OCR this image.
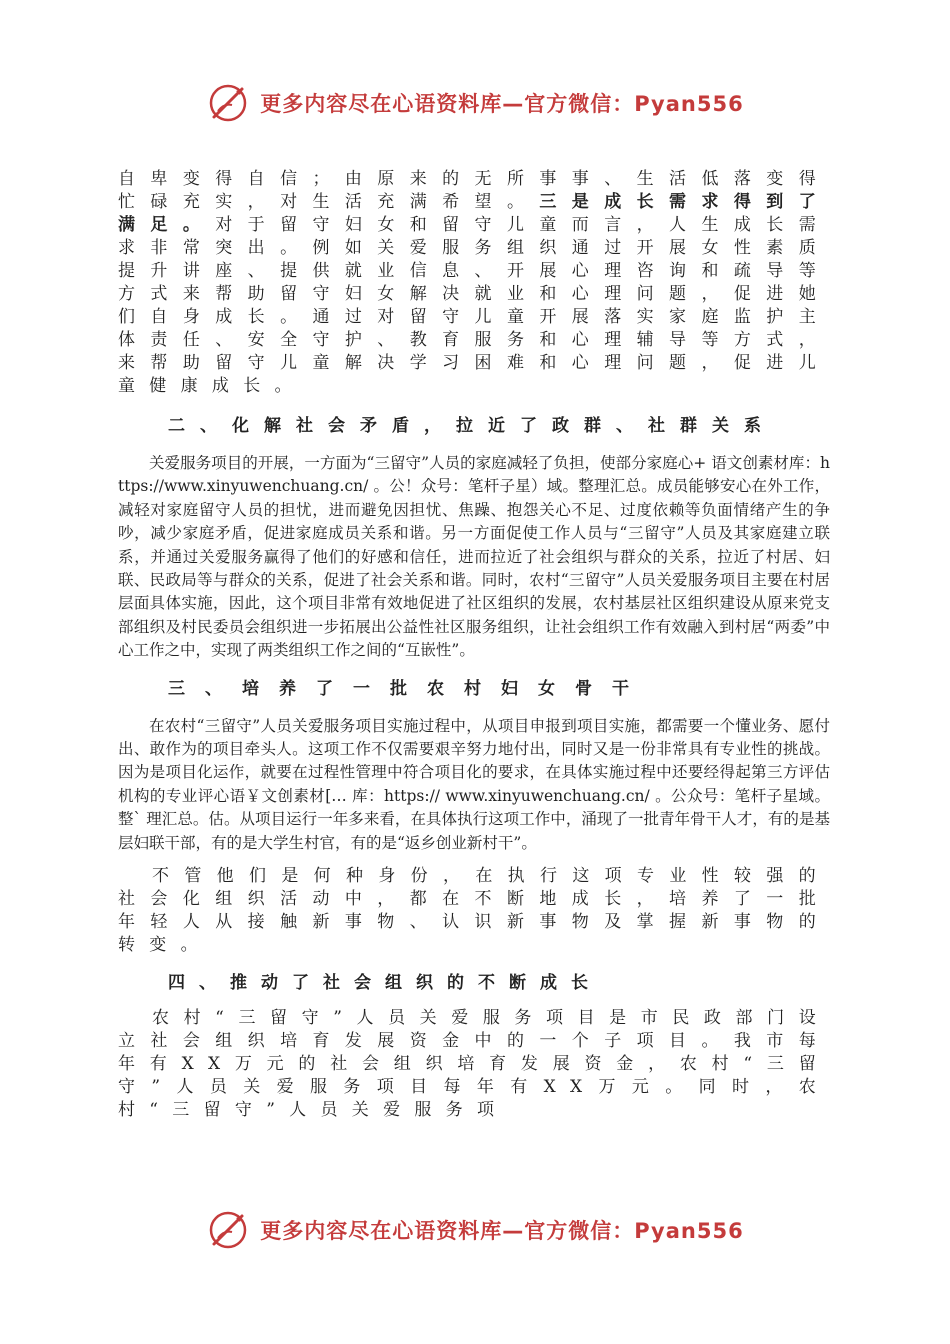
更多内容尽在心语资料库—官方微信：Pyan556

自卑变得自信；由原来的无所事事、生活低落变得忙碌充实，对生活充满希望。三是成长需求得到了满足。对于留守妇女和留守儿童而言，人生成长需求非常突出。例如关爱服务组织通过开展女性素质提升讲座、提供就业信息、开展心理咨询和疏导等方式来帮助留守妇女解决就业和心理问题，促进她们自身成长。通过对留守儿童开展落实家庭监护主体责任、安全守护、教育服务和心理辅导等方式，来帮助留守儿童解决学习困难和心理问题，促进儿童健康成长。

二、化解社会矛盾，拉近了政群、社群关系

关爱服务项目的开展，一方面为“三留守”人员的家庭减轻了负担，使部分家庭心+ 语文创素材库：https://www.xinyuwenchuang.cn/ 。公！众号：笔杆子星）域。整理汇总。成员能够安心在外工作，减轻对家庭留守人员的担忧，进而避免因担忧、焦躁、抱怨关心不足、过度依赖等负面情绪产生的争吵，减少家庭矛盾，促进家庭成员关系和谐。另一方面促使工作人员与“三留守”人员及其家庭建立联系，并通过关爱服务赢得了他们的好感和信任，进而拉近了社会组织与群众的关系，拉近了村居、妇联、民政局等与群众的关系，促进了社会关系和谐。同时，农村“三留守”人员关爱服务项目主要在村居层面具体实施，因此，这个项目非常有效地促进了社区组织的发展，农村基层社区组织建设从原来党支部组织及村民委员会组织进一步拓展出公益性社区服务组织，让社会组织工作有效融入到村居“两委”中心工作之中，实现了两类组织工作之间的“互嵌性”。

三、培养了一批农村妇女骨干

在农村“三留守”人员关爱服务项目实施过程中，从项目申报到项目实施，都需要一个懂业务、愿付出、敢作为的项目牵头人。这项工作不仅需要艰辛努力地付出，同时又是一份非常具有专业性的挑战。因为是项目化运作，就要在过程性管理中符合项目化的要求，在具体实施过程中还要经得起第三方评估机构的专业评心语￥文创素材[… 库：https:// www.xinyuwenchuang.cn/ 。公众号：笔杆子星域。整` 理汇总。估。从项目运行一年多来看，在具体执行这项工作中，涌现了一批青年骨干人才，有的是基层妇联干部，有的是大学生村官，有的是“返乡创业新村干”。

不管他们是何种身份，在执行这项专业性较强的社会化组织活动中，都在不断地成长，培养了一批年轻人从接触新事物、认识新事物及掌握新事物的转变。

四、推动了社会组织的不断成长

农村“三留守”人员关爱服务项目是市民政部门设立社会组织培育发展资金中的一个子项目。我市每年有XX万元的社会组织培育发展资金，农村“三留守”人员关爱服务项目每年有XX万元。同时，农村“三留守”人员关爱服务项

更多内容尽在心语资料库—官方微信：Pyan556
